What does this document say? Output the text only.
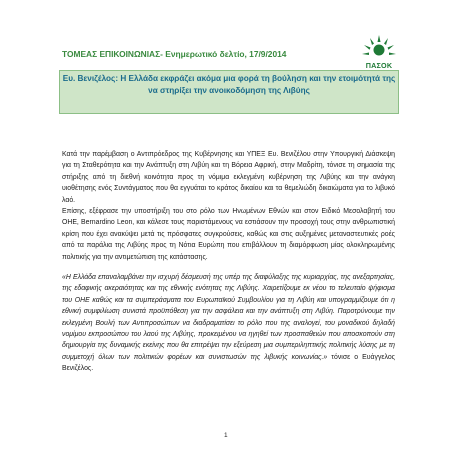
ΤΟΜΕΑΣ ΕΠΙΚΟΙΝΩΝΙΑΣ- Ενημερωτικό δελτίο, 17/9/2014
ΠΑΣΟΚ
Ευ. Βενιζέλος: Η Ελλάδα εκφράζει ακόμα μια φορά τη βούληση και την ετοιμότητά της να στηρίξει την ανοικοδόμηση της Λιβύης
Κατά την παρέμβαση ο Αντιπρόεδρος της Κυβέρνησης και ΥΠΕΞ Ευ. Βενιζέλου στην Υπουργική Διάσκεψη για τη Σταθερότητα και την Ανάπτυξη στη Λιβύη και τη Βόρεια Αφρική, στην Μαδρίτη, τόνισε τη σημασία της στήριξης από τη διεθνή κοινότητα προς τη νόμιμα εκλεγμένη κυβέρνηση της Λιβύης και την ανάγκη υιοθέτησης ενός Συντάγματος που θα εγγυάται το κράτος δικαίου και τα θεμελιώδη δικαιώματα για το λιβυκό λαό.
Επίσης, εξέφρασε την υποστήριξη του στο ρόλο των Ηνωμένων Εθνών και στον Ειδικό Μεσολαβητή του ΟΗΕ, Bernardino Leon, και κάλεσε τους παριστάμενους να εστιάσουν την προσοχή τους στην ανθρωπιστική κρίση που έχει ανακύψει μετά τις πρόσφατες συγκρούσεις, καθώς και στις αυξημένες μεταναστευτικές ροές από τα παράλια της Λιβύης προς τη Νότια Ευρώπη που επιβάλλουν τη διαμόρφωση μίας ολοκληρωμένης πολιτικής για την αντιμετώπιση της κατάστασης.
«Η Ελλάδα επαναλαμβάνει την ισχυρή δέσμευσή της υπέρ της διαφύλαξης της κυριαρχίας, της ανεξαρτησίας, της εδαφικής ακεραιότητας και της εθνικής ενότητας της Λιβύης. Χαιρετίζουμε εκ νέου το τελευταίο ψήφισμα του ΟΗΕ καθώς και τα συμπεράσματα του Ευρωπαϊκού Συμβουλίου για τη Λιβύη και υπογραμμίζουμε ότι η εθνική συμφιλίωση συνιστά προϋπόθεση για την ασφάλεια και την ανάπτυξη στη Λιβύη. Παροτρύνουμε την εκλεγμένη Βουλή των Αντιπροσώπων να διαδραματίσει το ρόλο που της αναλογεί, του μοναδικού δηλαδή νομίμου εκπροσώπου του λαού της Λιβύης, προκειμένου να ηγηθεί των προσπαθειών που αποσκοπούν στη δημιουργία της δυναμικής εκείνης που θα επιτρέψει την εξεύρεση μια συμπεριληπτικής πολιτικής λύσης με τη συμμετοχή όλων των πολιτικών φορέων και συνιστωσών της λιβυκής κοινωνίας.» τόνισε ο Ευάγγελος Βενιζέλος.
1
